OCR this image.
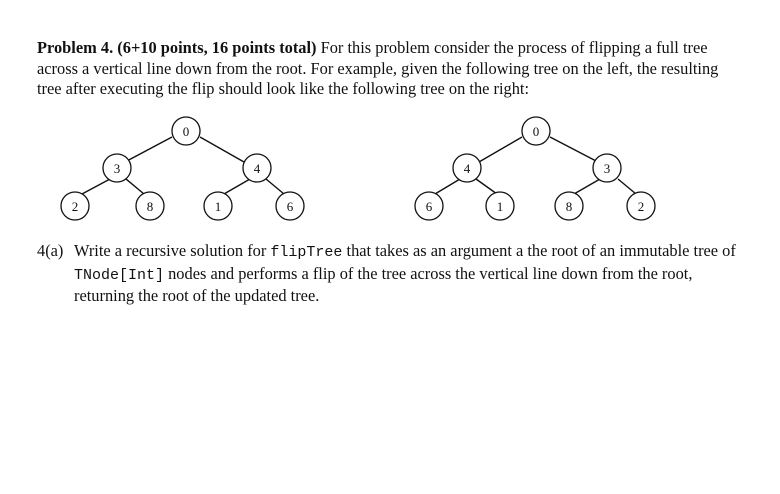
Problem 4. (6+10 points, 16 points total) For this problem consider the process of flipping a full tree across a vertical line down from the root. For example, given the following tree on the left, the resulting tree after executing the flip should look like the following tree on the right:

0
3	4
2	8	1	6
0
4	3
6	1	8	2
4(a) Write a recursive solution for flipTree that takes as an argument a the root of an immutable tree of TNode[Int] nodes and performs a flip of the tree across the vertical line down from the root, returning the root of the updated tree.
